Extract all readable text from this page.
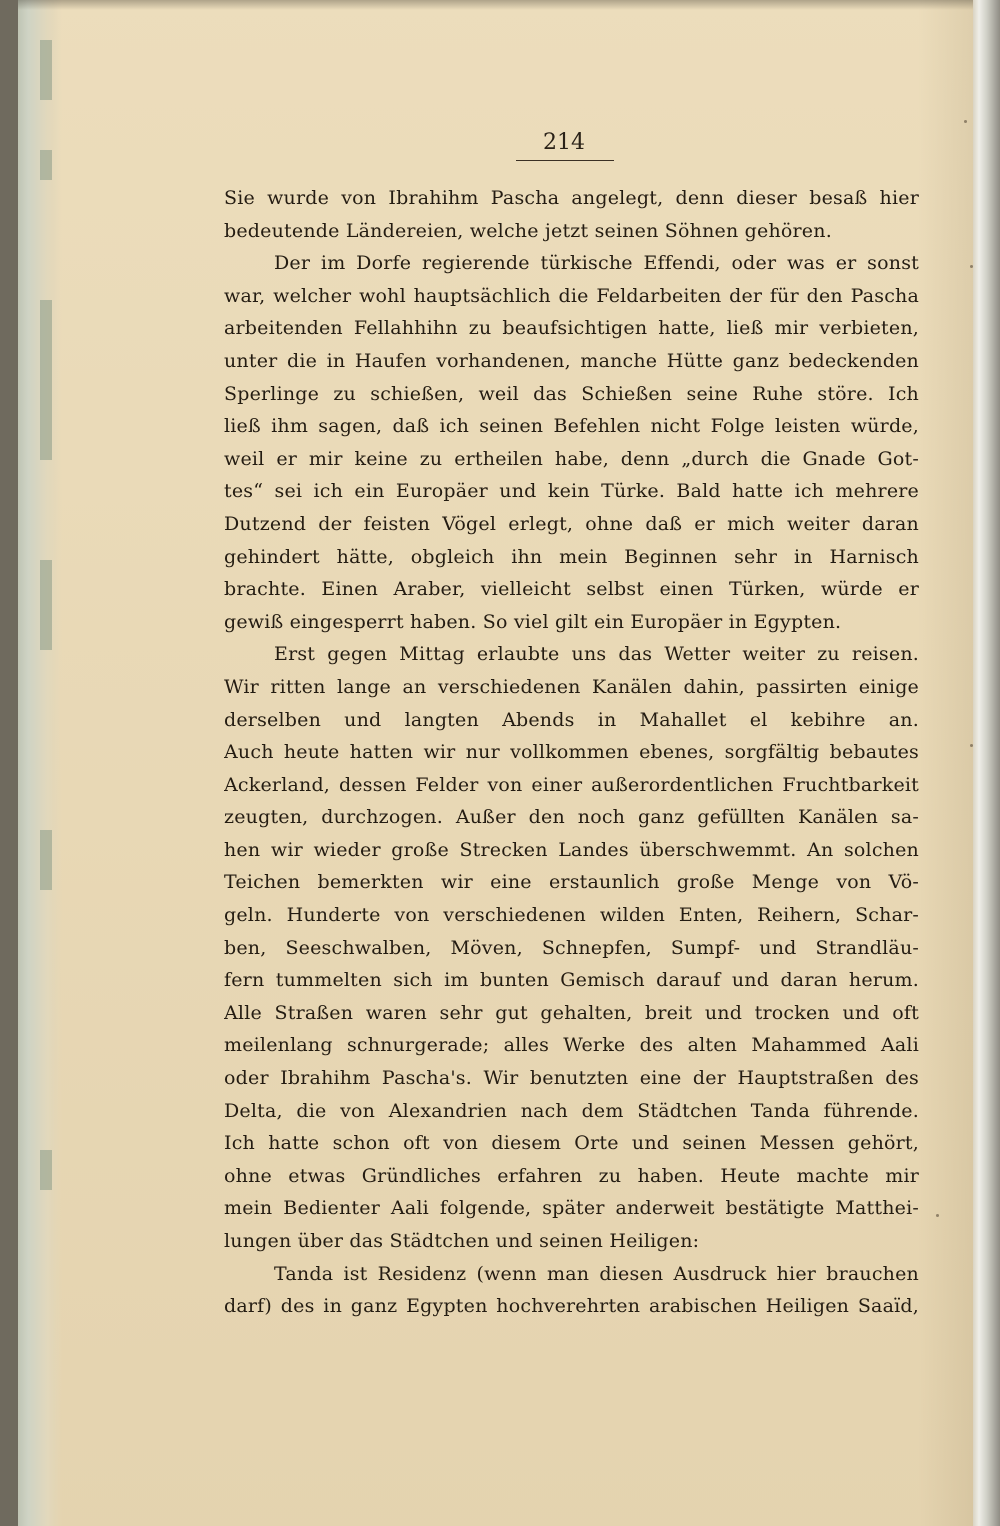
214
Sie wurde von Ibrahihm Pascha angelegt, denn dieser besaß hier
bedeutende Ländereien, welche jetzt seinen Söhnen gehören.
Der im Dorfe regierende türkische Effendi, oder was er sonst
war, welcher wohl hauptsächlich die Feldarbeiten der für den Pascha
arbeitenden Fellahhihn zu beaufsichtigen hatte, ließ mir verbieten,
unter die in Haufen vorhandenen, manche Hütte ganz bedeckenden
Sperlinge zu schießen, weil das Schießen seine Ruhe störe. Ich
ließ ihm sagen, daß ich seinen Befehlen nicht Folge leisten würde,
weil er mir keine zu ertheilen habe, denn „durch die Gnade Got-
tes“ sei ich ein Europäer und kein Türke. Bald hatte ich mehrere
Dutzend der feisten Vögel erlegt, ohne daß er mich weiter daran
gehindert hätte, obgleich ihn mein Beginnen sehr in Harnisch
brachte. Einen Araber, vielleicht selbst einen Türken, würde er
gewiß eingesperrt haben. So viel gilt ein Europäer in Egypten.
Erst gegen Mittag erlaubte uns das Wetter weiter zu reisen.
Wir ritten lange an verschiedenen Kanälen dahin, passirten einige
derselben und langten Abends in Mahallet el kebihre an.
Auch heute hatten wir nur vollkommen ebenes, sorgfältig bebautes
Ackerland, dessen Felder von einer außerordentlichen Fruchtbarkeit
zeugten, durchzogen. Außer den noch ganz gefüllten Kanälen sa-
hen wir wieder große Strecken Landes überschwemmt. An solchen
Teichen bemerkten wir eine erstaunlich große Menge von Vö-
geln. Hunderte von verschiedenen wilden Enten, Reihern, Schar-
ben, Seeschwalben, Möven, Schnepfen, Sumpf- und Strandläu-
fern tummelten sich im bunten Gemisch darauf und daran herum.
Alle Straßen waren sehr gut gehalten, breit und trocken und oft
meilenlang schnurgerade; alles Werke des alten Mahammed Aali
oder Ibrahihm Pascha's. Wir benutzten eine der Hauptstraßen des
Delta, die von Alexandrien nach dem Städtchen Tanda führende.
Ich hatte schon oft von diesem Orte und seinen Messen gehört,
ohne etwas Gründliches erfahren zu haben. Heute machte mir
mein Bedienter Aali folgende, später anderweit bestätigte Matthei-
lungen über das Städtchen und seinen Heiligen:
Tanda ist Residenz (wenn man diesen Ausdruck hier brauchen
darf) des in ganz Egypten hochverehrten arabischen Heiligen Saaïd,
